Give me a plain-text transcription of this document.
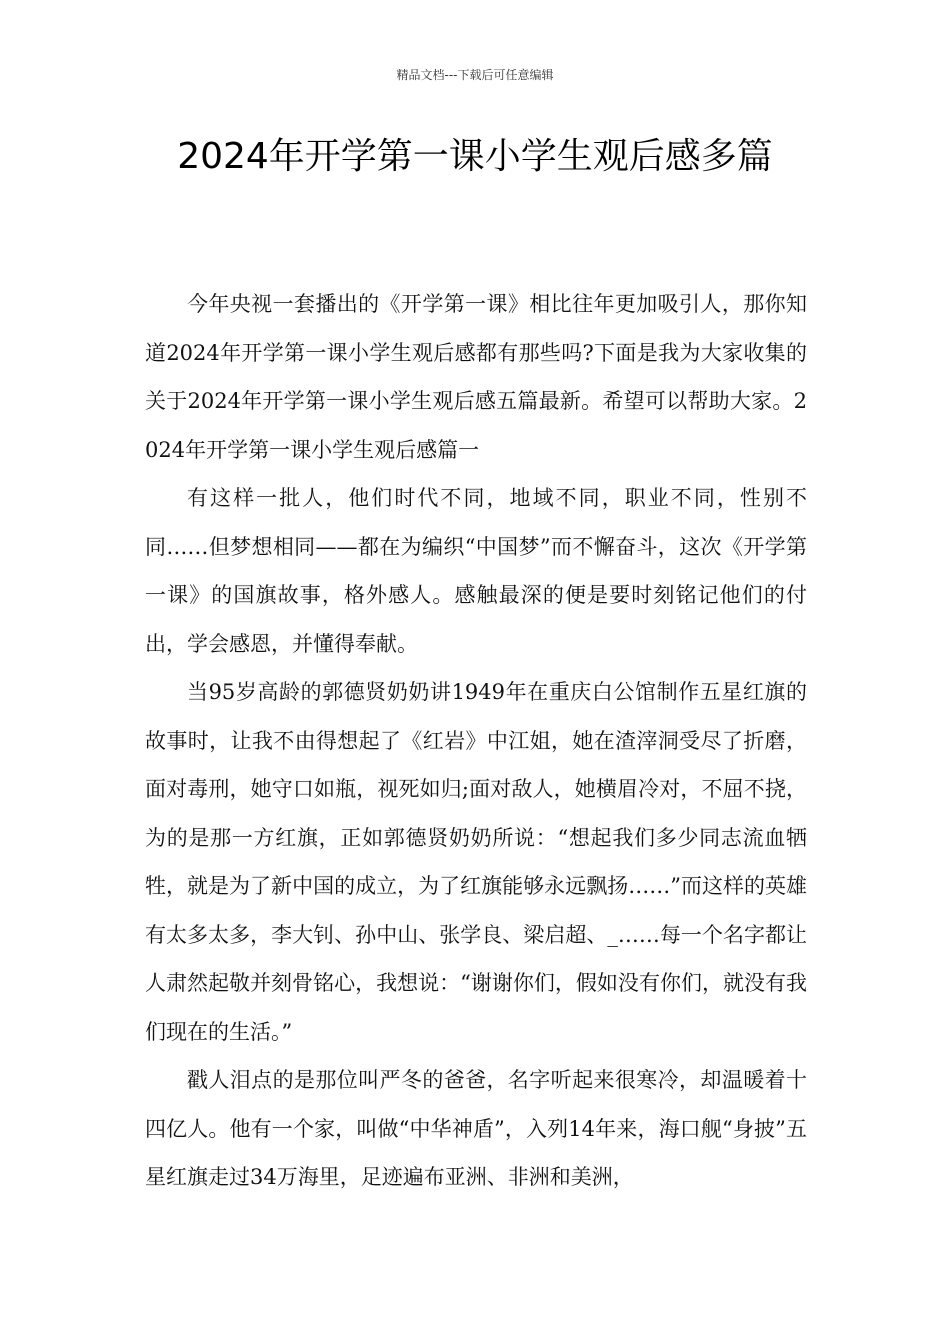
精品文档---下载后可任意编辑
2024年开学第一课小学生观后感多篇

今年央视一套播出的《开学第一课》相比往年更加吸引人，那你知道2024年开学第一课小学生观后感都有那些吗?下面是我为大家收集的关于2024年开学第一课小学生观后感五篇最新。希望可以帮助大家。2024年开学第一课小学生观后感篇一

有这样一批人，他们时代不同，地域不同，职业不同，性别不同……但梦想相同——都在为编织“中国梦”而不懈奋斗，这次《开学第一课》的国旗故事，格外感人。感触最深的便是要时刻铭记他们的付出，学会感恩，并懂得奉献。

当95岁高龄的郭德贤奶奶讲1949年在重庆白公馆制作五星红旗的故事时，让我不由得想起了《红岩》中江姐，她在渣滓洞受尽了折磨，面对毒刑，她守口如瓶，视死如归;面对敌人，她横眉冷对，不屈不挠，为的是那一方红旗，正如郭德贤奶奶所说：“想起我们多少同志流血牺牲，就是为了新中国的成立，为了红旗能够永远飘扬……”而这样的英雄有太多太多，李大钊、孙中山、张学良、梁启超、_……每一个名字都让人肃然起敬并刻骨铭心，我想说：“谢谢你们，假如没有你们，就没有我们现在的生活。”

戳人泪点的是那位叫严冬的爸爸，名字听起来很寒冷，却温暖着十四亿人。他有一个家，叫做“中华神盾”，入列14年来，海口舰“身披”五星红旗走过34万海里，足迹遍布亚洲、非洲和美洲，
